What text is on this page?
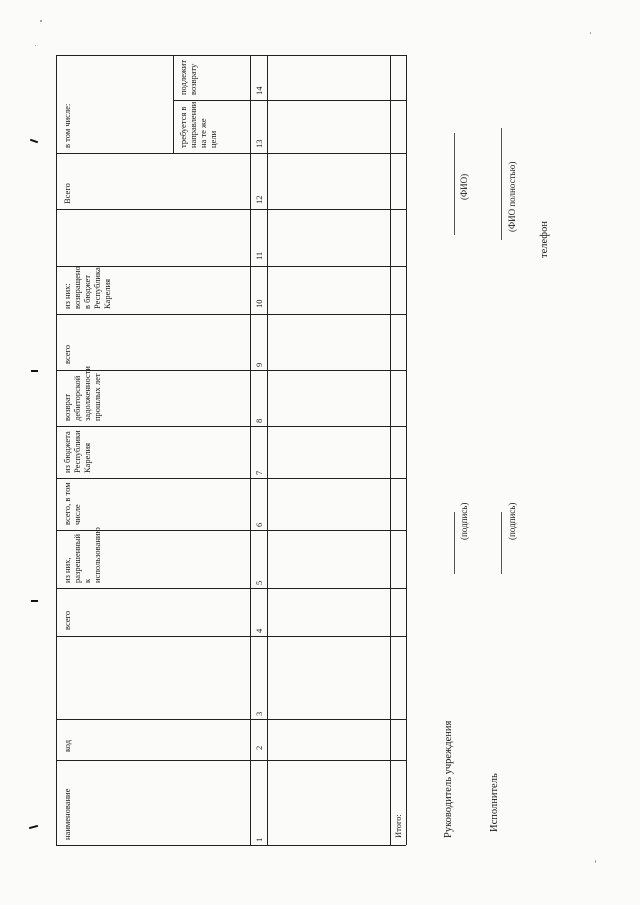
наименование
код
всего
из них, разрешенный к использованию
всего, в том числе
из бюджета Республики Карелия
возврат дебиторской задолженности прошлых лет
всего
из них: возвращено в бюджет Республика Карелия
Всего
в том числе:	требуется в направлении на те же цели
подлежит возврату
1
2
3
4
5
6
7
8
9
10
11
12
13
14
Итого:	Руководитель учреждения
(подпись)
(ФИО)
Исполнитель
(подпись)
(ФИО полностью)
телефон
